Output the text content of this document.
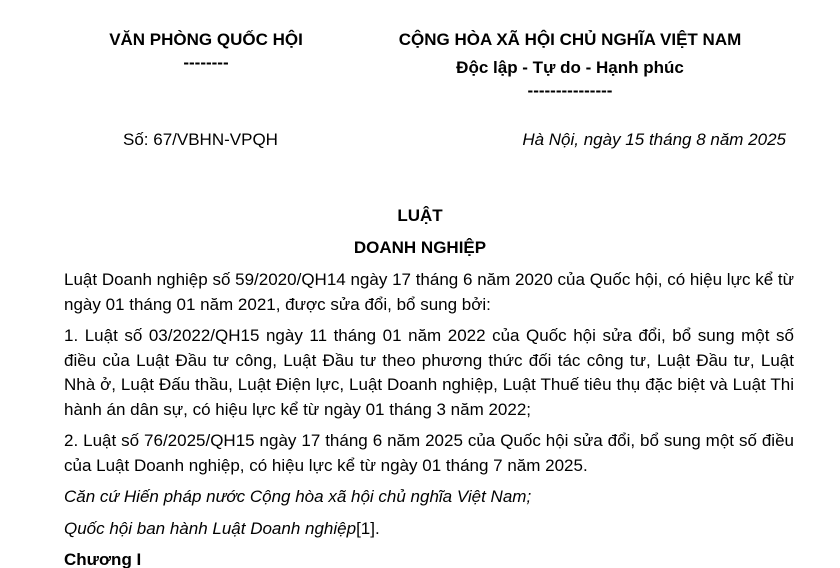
VĂN PHÒNG QUỐC HỘI
--------
CỘNG HÒA XÃ HỘI CHỦ NGHĨA VIỆT NAM
Độc lập - Tự do - Hạnh phúc
---------------
Số: 67/VBHN-VPQH	Hà Nội, ngày 15 tháng 8 năm 2025
LUẬT
DOANH NGHIỆP

Luật Doanh nghiệp số 59/2020/QH14 ngày 17 tháng 6 năm 2020 của Quốc hội, có hiệu lực kể từ ngày 01 tháng 01 năm 2021, được sửa đổi, bổ sung bởi:

1. Luật số 03/2022/QH15 ngày 11 tháng 01 năm 2022 của Quốc hội sửa đổi, bổ sung một số điều của Luật Đầu tư công, Luật Đầu tư theo phương thức đối tác công tư, Luật Đầu tư, Luật Nhà ở, Luật Đấu thầu, Luật Điện lực, Luật Doanh nghiệp, Luật Thuế tiêu thụ đặc biệt và Luật Thi hành án dân sự, có hiệu lực kể từ ngày 01 tháng 3 năm 2022;

2. Luật số 76/2025/QH15 ngày 17 tháng 6 năm 2025 của Quốc hội sửa đổi, bổ sung một số điều của Luật Doanh nghiệp, có hiệu lực kể từ ngày 01 tháng 7 năm 2025.

Căn cứ Hiến pháp nước Cộng hòa xã hội chủ nghĩa Việt Nam;

Quốc hội ban hành Luật Doanh nghiệp[1].

Chương I
